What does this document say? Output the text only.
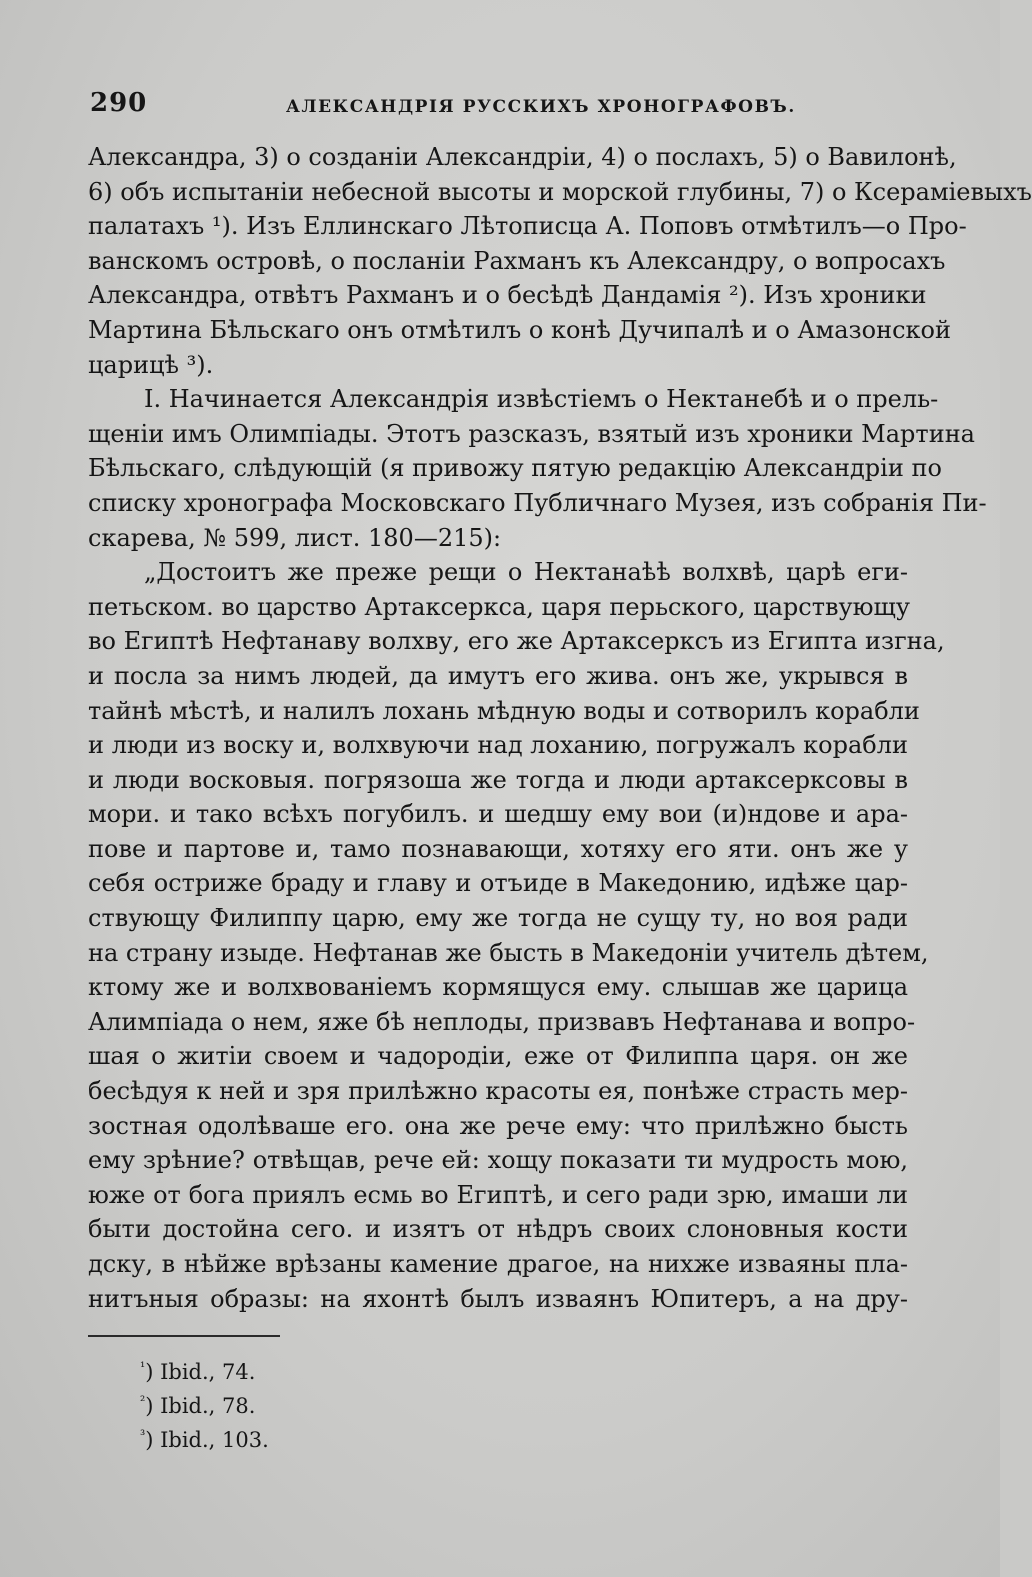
290	АЛЕКСАНДРІЯ РУССКИХЪ ХРОНОГРАФОВЪ.
Александра, 3) о созданіи Александріи, 4) о послахъ, 5) о Вавилонѣ,
6) объ испытаніи небесной высоты и морской глубины, 7) о Ксераміевыхъ
палатахъ ¹). Изъ Еллинскаго Лѣтописца А. Поповъ отмѣтилъ—о Про-
ванскомъ островѣ, о посланіи Рахманъ къ Александру, о вопросахъ
Александра, отвѣтъ Рахманъ и о бесѣдѣ Дандамія ²). Изъ хроники
Мартина Бѣльскаго онъ отмѣтилъ о конѣ Дучипалѣ и о Амазонской
царицѣ ³).
I. Начинается Александрія извѣстіемъ о Нектанебѣ и о прель-
щеніи имъ Олимпіады. Этотъ разсказъ, взятый изъ хроники Мартина
Бѣльскаго, слѣдующій (я привожу пятую редакцію Александріи по
списку хронографа Московскаго Публичнаго Музея, изъ собранія Пи-
скарева, № 599, лист. 180—215):
„Достоитъ же преже рещи о Нектанаѣѣ волхвѣ, царѣ еги-
петьском. во царство Артаксеркса, царя перьского, царствующу
во Египтѣ Нефтанаву волхву, его же Артаксерксъ из Египта изгна,
и посла за нимъ людей, да имутъ его жива. онъ же, укрывся в
тайнѣ мѣстѣ, и налилъ лохань мѣдную воды и сотворилъ корабли
и люди из воску и, волхвуючи над лоханию, погружалъ корабли
и люди восковыя. погрязоша же тогда и люди артаксерксовы в
мори. и тако всѣхъ погубилъ. и шедшу ему вои (и)ндове и ара-
пове и партове и, тамо познавающи, хотяху его яти. онъ же у
себя остриже браду и главу и отъиде в Македонию, идѣже цар-
ствующу Филиппу царю, ему же тогда не сущу ту, но воя ради
на страну изыде. Нефтанав же бысть в Македоніи учитель дѣтем,
ктому же и волхвованіемъ кормящуся ему. слышав же царица
Алимпіада о нем, яже бѣ неплоды, призвавъ Нефтанава и вопро-
шая о житіи своем и чадородіи, еже от Филиппа царя. он же
бесѣдуя к ней и зря прилѣжно красоты ея, понѣже страсть мер-
зостная одолѣваше его. она же рече ему: что прилѣжно бысть
ему зрѣние? отвѣщав, рече ей: хощу показати ти мудрость мою,
юже от бога приялъ есмь во Египтѣ, и сего ради зрю, имаши ли
быти достойна сего. и изятъ от нѣдръ своих слоновныя кости
дску, в нѣйже врѣзаны камение драгое, на нихже изваяны пла-
нитъныя образы: на яхонтѣ былъ изваянъ Юпитеръ, а на дру-
$^{^1}$) Ibid., 74.
$^{^2}$) Ibid., 78.
$^{^3}$) Ibid., 103.
